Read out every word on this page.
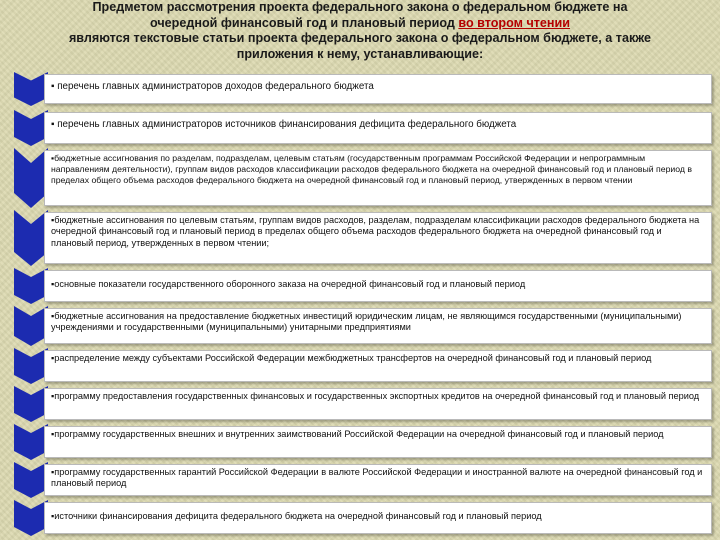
Предметом рассмотрения проекта федерального закона о федеральном бюджете на
очередной финансовый год и плановый период во втором чтении
являются текстовые статьи проекта федерального закона о федеральном бюджете, а также
приложения к нему, устанавливающие:
▪ перечень главных администраторов доходов федерального бюджета
▪ перечень главных администраторов источников финансирования дефицита федерального бюджета
▪бюджетные ассигнования по разделам, подразделам, целевым статьям (государственным программам Российской Федерации и непрограммным направлениям деятельности), группам видов расходов классификации расходов федерального бюджета на очередной финансовый год и плановый период в пределах общего объема расходов федерального бюджета на очередной финансовый год и плановый период, утвержденных в первом чтении
▪бюджетные ассигнования по целевым статьям, группам видов расходов, разделам, подразделам классификации расходов федерального бюджета на очередной финансовый год и плановый период в пределах общего объема расходов федерального бюджета на очередной финансовый год и плановый период, утвержденных в первом чтении;
▪основные показатели государственного оборонного заказа на очередной финансовый год и плановый период
▪бюджетные ассигнования на предоставление бюджетных инвестиций юридическим лицам, не являющимся государственными (муниципальными) учреждениями и государственными (муниципальными) унитарными предприятиями
▪распределение между субъектами Российской Федерации межбюджетных трансфертов на очередной финансовый год и плановый период
▪программу предоставления государственных финансовых и государственных экспортных кредитов на очередной финансовый год и плановый период
▪программу государственных внешних и внутренних заимствований Российской Федерации на очередной финансовый год и плановый период
▪программу государственных гарантий Российской Федерации в валюте Российской Федерации и иностранной валюте на очередной финансовый год и плановый период
▪источники финансирования дефицита федерального бюджета на очередной финансовый год и плановый период
